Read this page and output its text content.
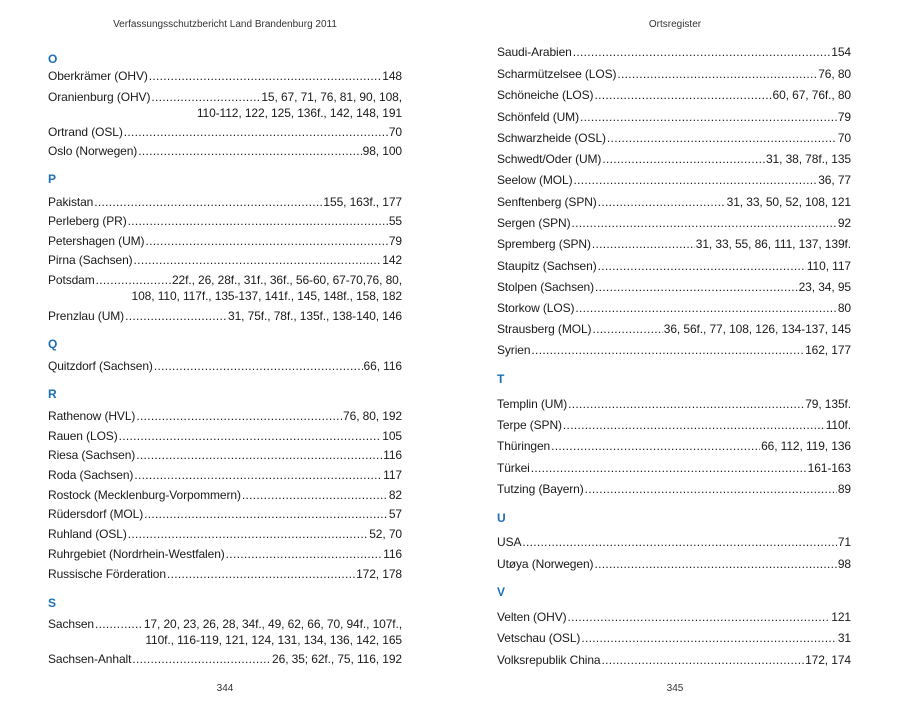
Verfassungsschutzbericht Land Brandenburg 2011
O
Oberkrämer (OHV) .....	148
Oranienburg (OHV) .....	15, 67, 71, 76, 81, 90, 108,
110-112, 122, 125, 136f., 142, 148, 191
Ortrand (OSL) .....	70
Oslo (Norwegen) .....	98, 100
P
Pakistan .....	155, 163f., 177
Perleberg (PR) .....	55
Petershagen (UM) .....	79
Pirna (Sachsen) .....	142
Potsdam .....	22f., 26, 28f., 31f., 36f., 56-60, 67-70,76, 80,
108, 110, 117f., 135-137, 141f., 145, 148f., 158, 182
Prenzlau (UM) .....	31, 75f., 78f., 135f., 138-140, 146
Q
Quitzdorf (Sachsen) .....	66, 116
R
Rathenow (HVL) .....	76, 80, 192
Rauen (LOS) .....	105
Riesa (Sachsen) .....	116
Roda (Sachsen) .....	117
Rostock (Mecklenburg-Vorpommern) .....	82
Rüdersdorf (MOL) .....	57
Ruhland (OSL) .....	52, 70
Ruhrgebiet (Nordrhein-Westfalen) .....	116
Russische Förderation .....	172, 178
S
Sachsen .....	17, 20, 23, 26, 28, 34f., 49, 62, 66, 70, 94f., 107f.,
110f., 116-119, 121, 124, 131, 134, 136, 142, 165
Sachsen-Anhalt .....	26, 35; 62f., 75, 116, 192
344
Ortsregister
Saudi-Arabien .....	154
Scharmützelsee (LOS) .....	76, 80
Schöneiche (LOS) .....	60, 67, 76f., 80
Schönfeld (UM) .....	79
Schwarzheide (OSL) .....	70
Schwedt/Oder (UM) .....	31, 38, 78f., 135
Seelow (MOL) .....	36, 77
Senftenberg (SPN) .....	31, 33, 50, 52, 108, 121
Sergen (SPN) .....	92
Spremberg (SPN) .....	31, 33, 55, 86, 111, 137, 139f.
Staupitz (Sachsen) .....	110, 117
Stolpen (Sachsen) .....	23, 34, 95
Storkow (LOS) .....	80
Strausberg (MOL) .....	36, 56f., 77, 108, 126, 134-137, 145
Syrien .....	162, 177
T
Templin (UM) .....	79, 135f.
Terpe (SPN) .....	110f.
Thüringen .....	66, 112, 119, 136
Türkei .....	161-163
Tutzing (Bayern) .....	89
U
USA .....	71
Utøya (Norwegen) .....	98
V
Velten (OHV) .....	121
Vetschau (OSL) .....	31
Volksrepublik China .....	172, 174
345
